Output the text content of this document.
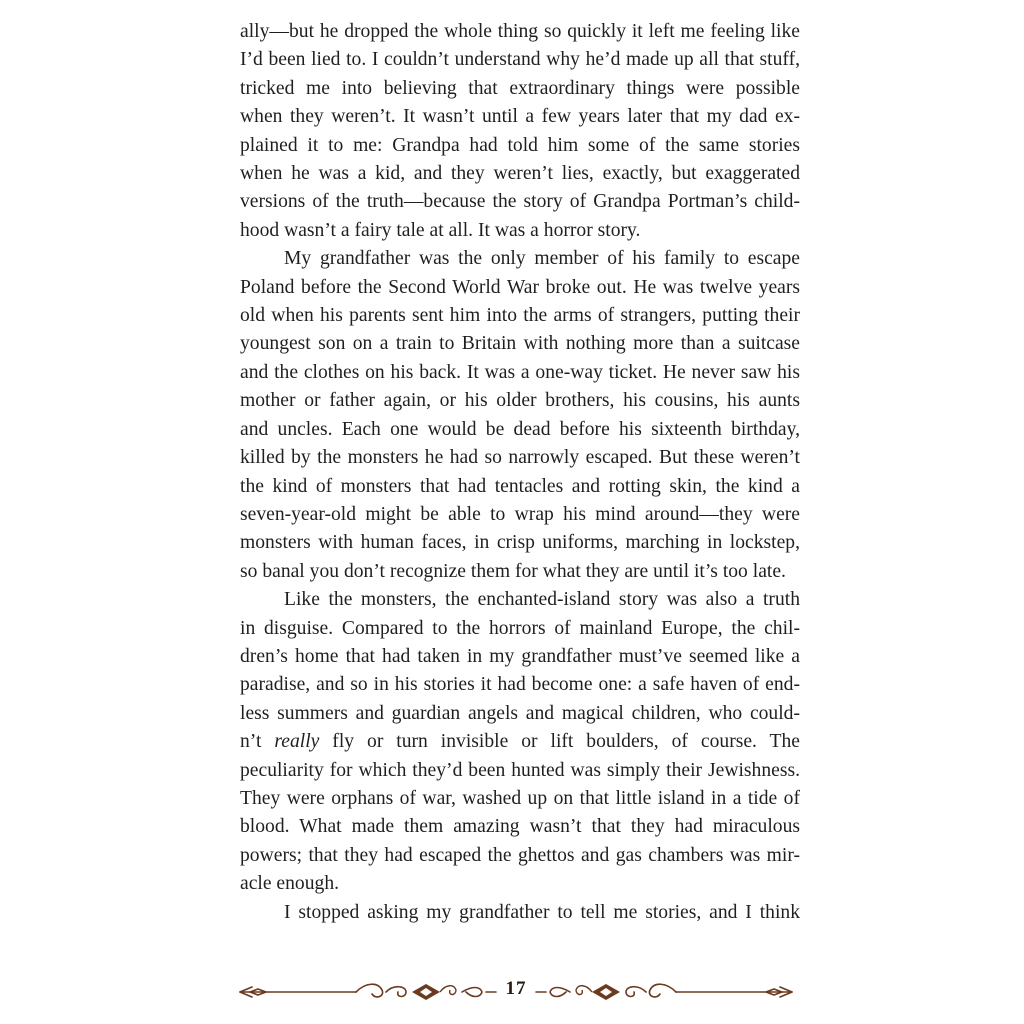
ally—but he dropped the whole thing so quickly it left me feeling like
I’d been lied to. I couldn’t understand why he’d made up all that stuff,
tricked me into believing that extraordinary things were possible
when they weren’t. It wasn’t until a few years later that my dad ex-
plained it to me: Grandpa had told him some of the same stories
when he was a kid, and they weren’t lies, exactly, but exaggerated
versions of the truth—because the story of Grandpa Portman’s child-
hood wasn’t a fairy tale at all. It was a horror story.

My grandfather was the only member of his family to escape
Poland before the Second World War broke out. He was twelve years
old when his parents sent him into the arms of strangers, putting their
youngest son on a train to Britain with nothing more than a suitcase
and the clothes on his back. It was a one-way ticket. He never saw his
mother or father again, or his older brothers, his cousins, his aunts
and uncles. Each one would be dead before his sixteenth birthday,
killed by the monsters he had so narrowly escaped. But these weren’t
the kind of monsters that had tentacles and rotting skin, the kind a
seven-year-old might be able to wrap his mind around—they were
monsters with human faces, in crisp uniforms, marching in lockstep,
so banal you don’t recognize them for what they are until it’s too late.

Like the monsters, the enchanted-island story was also a truth
in disguise. Compared to the horrors of mainland Europe, the chil-
dren’s home that had taken in my grandfather must’ve seemed like a
paradise, and so in his stories it had become one: a safe haven of end-
less summers and guardian angels and magical children, who could-
n’t really fly or turn invisible or lift boulders, of course. The
peculiarity for which they’d been hunted was simply their Jewishness.
They were orphans of war, washed up on that little island in a tide of
blood. What made them amazing wasn’t that they had miraculous
powers; that they had escaped the ghettos and gas chambers was mir-
acle enough.

I stopped asking my grandfather to tell me stories, and I think

17
